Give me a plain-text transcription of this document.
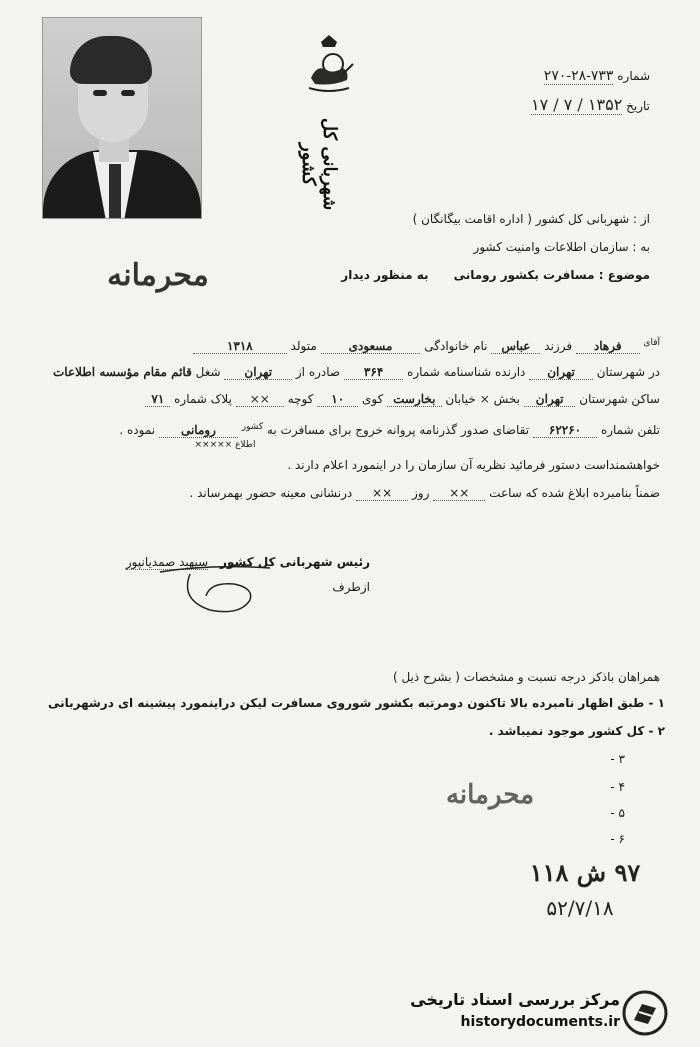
شهربانی کل کشور
شماره ۷۳۳-۲۸-۲۷۰
تاریخ ۱۳۵۲ / ۷ / ۱۷
از : شهربانی کل کشور ( اداره اقامت بیگانگان )
به : سازمان اطلاعات وامنیت کشور
موضوع : مسافرت بکشور رومانی      به منظور دیدار
محرمانه
$^{آقای}$ فرهاد فرزند عباس نام خانوادگی مسعودی متولد ۱۳۱۸
در شهرستان تهران دارنده شناسنامه شماره ۳۶۴ صادره از تهران شغل قائم مقام مؤسسه اطلاعات
ساکن شهرستان تهران بخش × خیابان بخارست کوی ۱۰ کوچه ×× پلاک شماره ۷۱
تلفن شماره ۶۲۲۶۰ تقاضای صدور گذرنامه پروانه خروج برای مسافرت به $^{کشور}$ رومانی نموده .
اطلاع ×××××
خواهشمنداست دستور فرمائید نظریه آن سازمان را در اینمورد اعلام دارند .
ضمناً بنامبرده ابلاغ شده که ساعت ×× روز ×× درنشانی معینه حضور بهمرساند .
رئیس شهربانی کل کشور سپهبد صمدیانپور
ازطرف
همراهان باذکر درجه نسبت و مشخصات ( بشرح ذیل )
۱ - طبق اظهار نامبرده بالا تاکنون دومرتبه بکشور شوروی مسافرت لیکن دراینمورد پیشینه ای درشهربانی
۲ - کل کشور موجود نمیباشد .
۳ -
۴ -
۵ -
۶ -
محرمانه
۹۷ ش ۱۱۸
۵۲/۷/۱۸
مرکز بررسی اسناد تاریخی
historydocuments.ir
